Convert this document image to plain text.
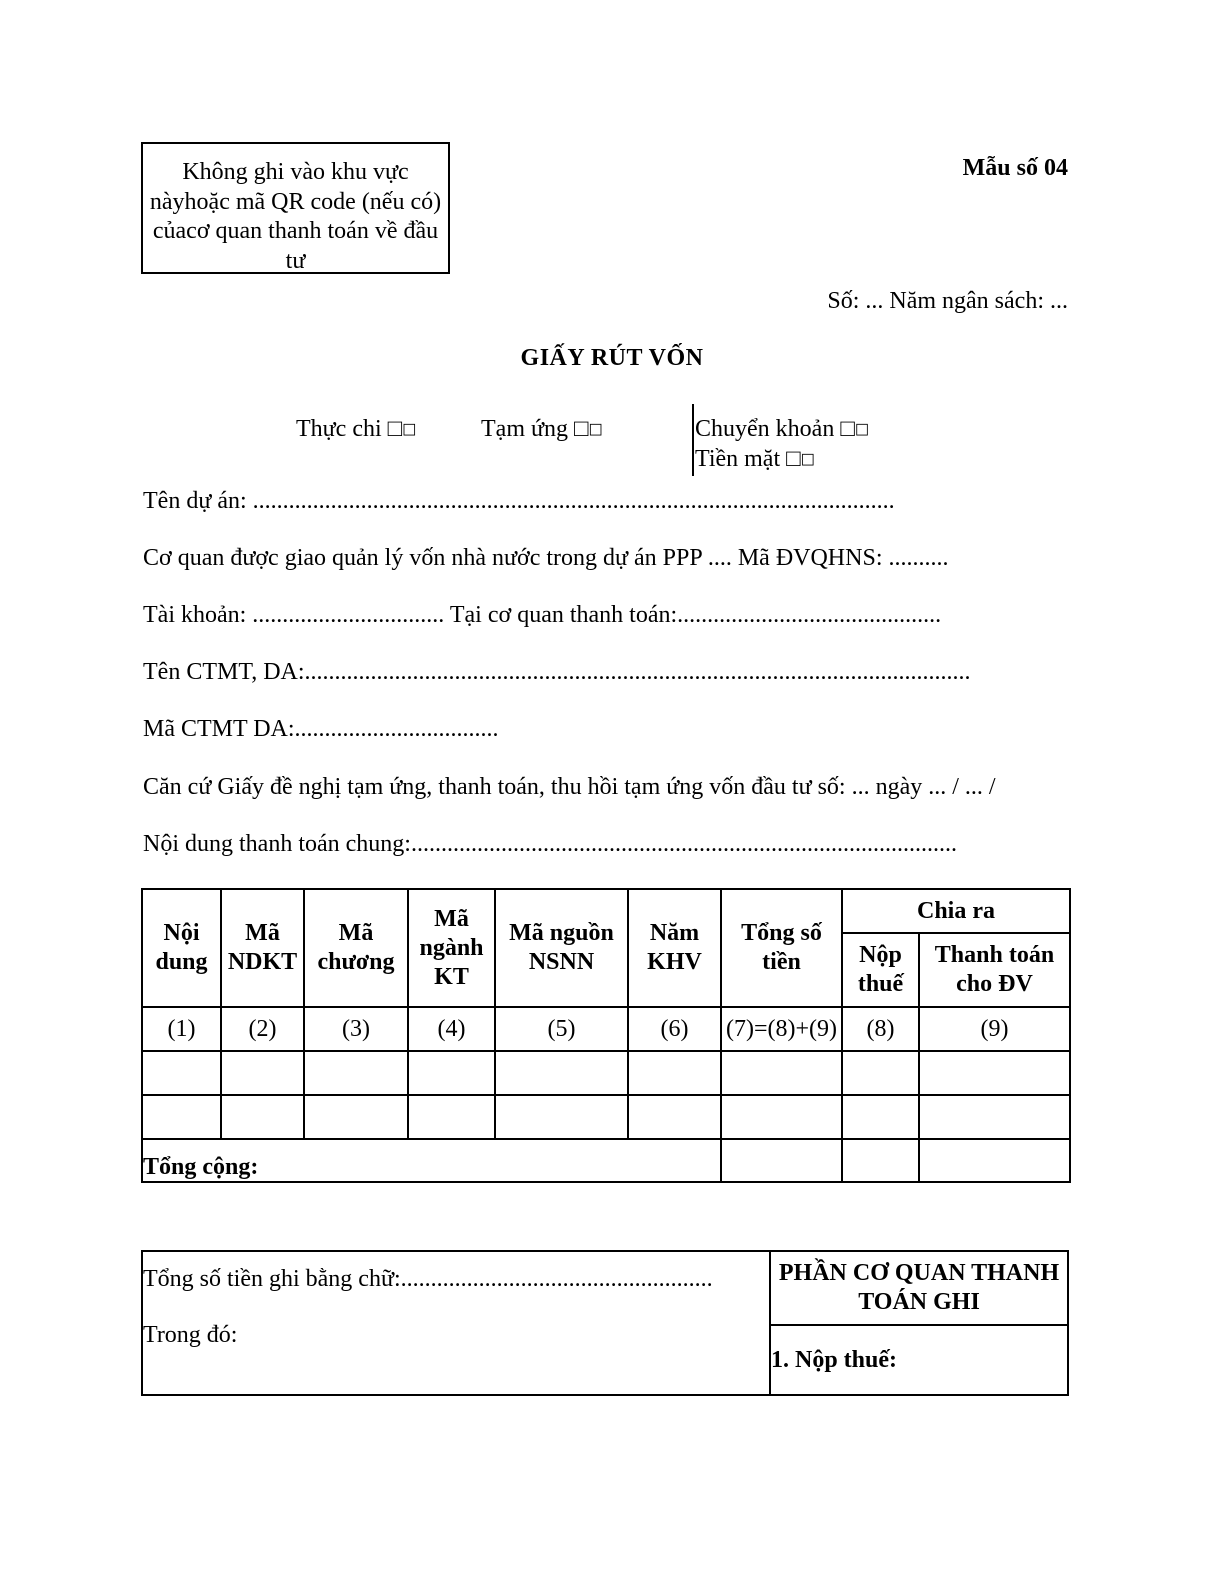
Không ghi vào khu vực nàyhoặc mã QR code (nếu có) củacơ quan thanh toán về đầu tư
Mẫu số 04
Số: ... Năm ngân sách: ...
GIẤY RÚT VỐN
Thực chi □☐	Tạm ứng □☐	Chuyển khoản □☐
Tiền mặt □☐
Tên dự án: ...........................................................................................................
Cơ quan được giao quản lý vốn nhà nước trong dự án PPP .... Mã ĐVQHNS: ..........
Tài khoản: ................................ Tại cơ quan thanh toán:............................................
Tên CTMT, DA:...............................................................................................................
Mã CTMT DA:..................................
Căn cứ Giấy đề nghị tạm ứng, thanh toán, thu hồi tạm ứng vốn đầu tư số: ... ngày ... / ... /
Nội dung thanh toán chung:...........................................................................................
Nội dung	Mã NDKT	Mã chương	Mã ngành KT	Mã nguồn NSNN	Năm KHV	Tổng số tiền	Chia ra	
							Nộp thuế	Thanh toán cho ĐV
(1)	(2)	(3)	(4)	(5)	(6)	(7)=(8)+(9)	(8)	(9)

Tổng cộng:								
Tổng số tiền ghi bằng chữ:....................................................
Trong đó:
	PHẦN CƠ QUAN THANH TOÁN GHI
1. Nộp thuế:
